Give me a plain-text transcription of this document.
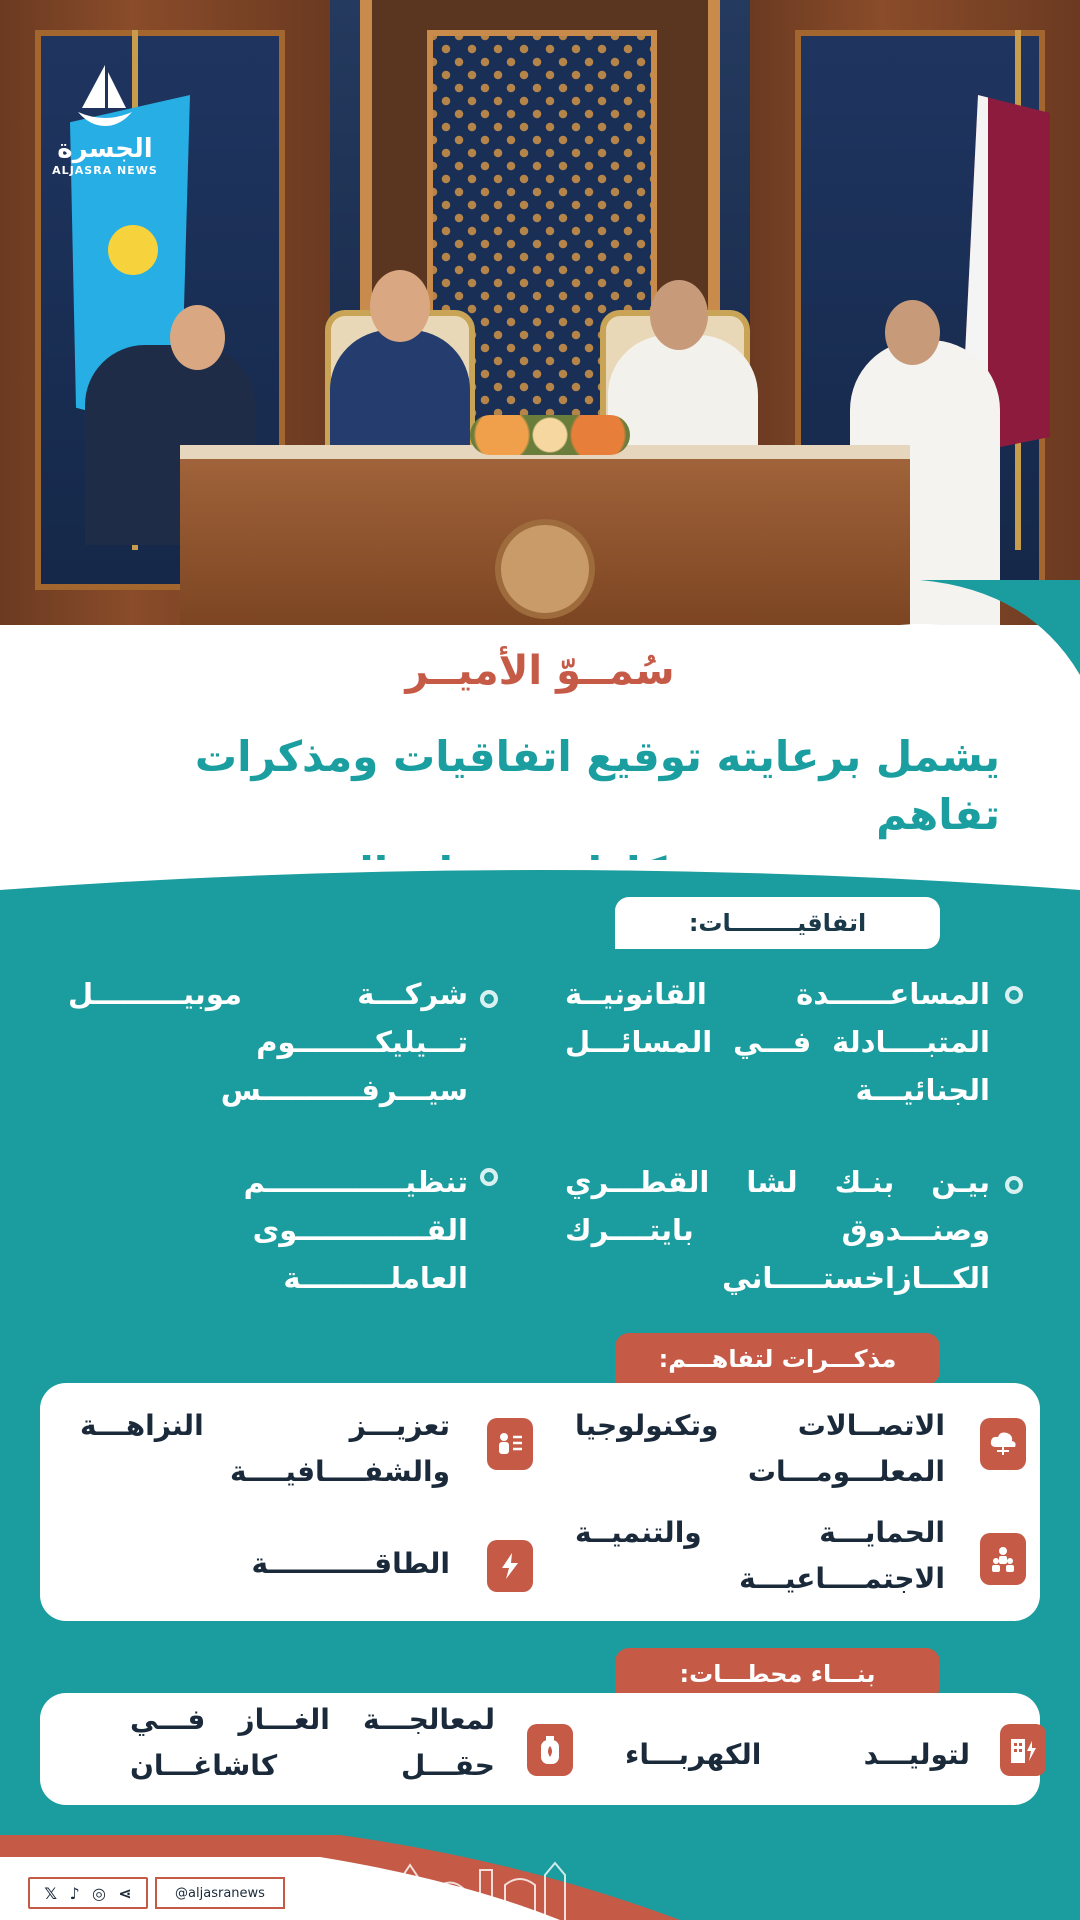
الجسرة
ALJASRA NEWS
سُمــوّ الأميــر
يشمل برعايته توقيع اتفاقيات ومذكرات تفاهم
اتفاقيــــــــات:
المساعــــــدة القانونيــة المتبــــادلة فـــي المسائـــل الجنائيـــة
شركـــة موبيـــــــــل تـــيليكــــــــوم سيـــرفــــــــــس
بيـن بنـك لشا القطـــري وصنـــدوق بايتــــرك الكـــازاخستـــــاني
تنظيــــــــــــــم القـــــــــــــوى العاملـــــــــة
مذكـــرات لتفاهـــم:
الاتصــالات وتكنولوجيا المعلـــومـــات
تعزيـــز النزاهـــة والشفــــافيــــة
الحمايـــة والتنميــة الاجتمــــاعيـــة
الطاقـــــــــــة
بنـــاء محطـــات:
لتوليـــد الكهربـــاء
لمعالجـــة الغـــاز فـــي حقـــل كاشاغـــان
𝕏 ♪ ◎ ⋖	@aljasranews
